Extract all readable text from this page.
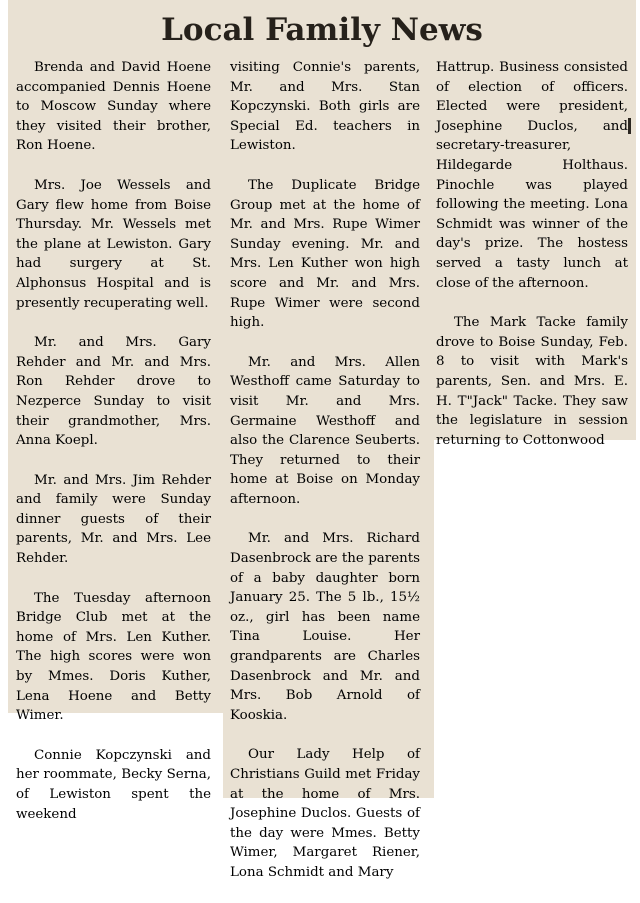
Local Family News

Brenda and David Hoene accompanied Dennis Hoene to Moscow Sunday where they visited their brother, Ron Hoene.

Mrs. Joe Wessels and Gary flew home from Boise Thursday. Mr. Wessels met the plane at Lewiston. Gary had surgery at St. Alphonsus Hospital and is presently recuperating well.

Mr. and Mrs. Gary Rehder and Mr. and Mrs. Ron Rehder drove to Nezperce Sunday to visit their grandmother, Mrs. Anna Koepl.

Mr. and Mrs. Jim Rehder and family were Sunday dinner guests of their parents, Mr. and Mrs. Lee Rehder.

The Tuesday afternoon Bridge Club met at the home of Mrs. Len Kuther. The high scores were won by Mmes. Doris Kuther, Lena Hoene and Betty Wimer.

Connie Kopczynski and her roommate, Becky Serna, of Lewiston spent the weekend

visiting Connie's parents, Mr. and Mrs. Stan Kopczynski. Both girls are Special Ed. teachers in Lewiston.

The Duplicate Bridge Group met at the home of Mr. and Mrs. Rupe Wimer Sunday evening. Mr. and Mrs. Len Kuther won high score and Mr. and Mrs. Rupe Wimer were second high.

Mr. and Mrs. Allen Westhoff came Saturday to visit Mr. and Mrs. Germaine Westhoff and also the Clarence Seuberts. They returned to their home at Boise on Monday afternoon.

Mr. and Mrs. Richard Dasenbrock are the parents of a baby daughter born January 25. The 5 lb., 15½ oz., girl has been name Tina Louise. Her grandparents are Charles Dasenbrock and Mr. and Mrs. Bob Arnold of Kooskia.

Our Lady Help of Christians Guild met Friday at the home of Mrs. Josephine Duclos. Guests of the day were Mmes. Betty Wimer, Margaret Riener, Lona Schmidt and Mary

Hattrup. Business consisted of election of officers. Elected were president, Josephine Duclos, and secretary-treasurer, Hildegarde Holthaus. Pinochle was played following the meeting. Lona Schmidt was winner of the day's prize. The hostess served a tasty lunch at close of the afternoon.

The Mark Tacke family drove to Boise Sunday, Feb. 8 to visit with Mark's parents, Sen. and Mrs. E. H. T"Jack" Tacke. They saw the legislature in session returning to Cottonwood
